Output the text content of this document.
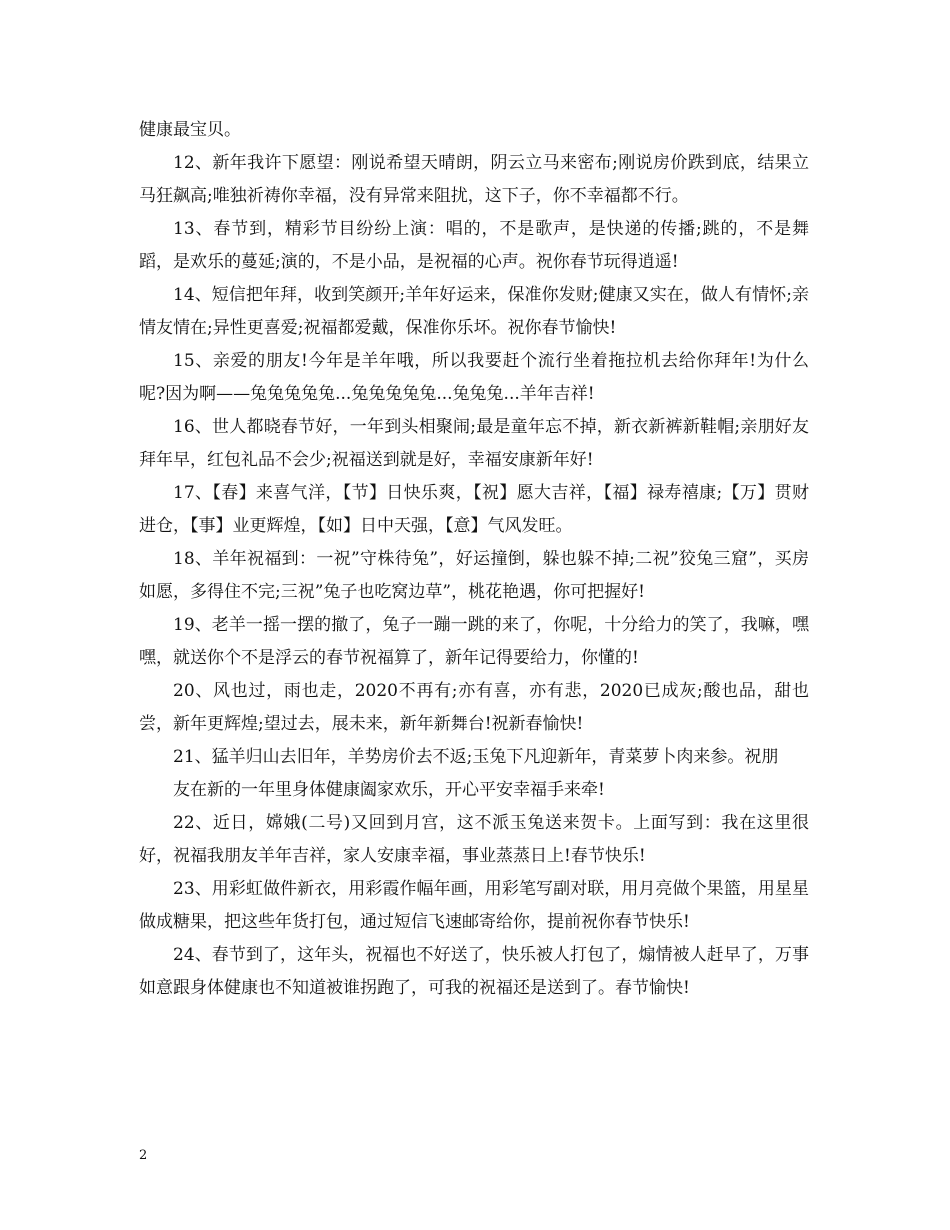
健康最宝贝。

12、新年我许下愿望：刚说希望天晴朗，阴云立马来密布;刚说房价跌到底，结果立马狂飙高;唯独祈祷你幸福，没有异常来阻扰，这下子，你不幸福都不行。

13、春节到，精彩节目纷纷上演：唱的，不是歌声，是快递的传播;跳的，不是舞蹈，是欢乐的蔓延;演的，不是小品，是祝福的心声。祝你春节玩得逍遥!

14、短信把年拜，收到笑颜开;羊年好运来，保准你发财;健康又实在，做人有情怀;亲情友情在;异性更喜爱;祝福都爱戴，保准你乐坏。祝你春节愉快!

15、亲爱的朋友!今年是羊年哦，所以我要赶个流行坐着拖拉机去给你拜年!为什么呢?因为啊——兔兔兔兔兔...兔兔兔兔兔...兔兔兔...羊年吉祥!

16、世人都晓春节好，一年到头相聚闹;最是童年忘不掉，新衣新裤新鞋帽;亲朋好友拜年早，红包礼品不会少;祝福送到就是好，幸福安康新年好!

17、【春】来喜气洋，【节】日快乐爽，【祝】愿大吉祥，【福】禄寿禧康;【万】贯财进仓，【事】业更辉煌，【如】日中天强，【意】气风发旺。

18、羊年祝福到：一祝”守株待兔”，好运撞倒，躲也躲不掉;二祝”狡兔三窟”，买房如愿，多得住不完;三祝”兔子也吃窝边草”，桃花艳遇，你可把握好!

19、老羊一摇一摆的撤了，兔子一蹦一跳的来了，你呢，十分给力的笑了，我嘛，嘿嘿，就送你个不是浮云的春节祝福算了，新年记得要给力，你懂的!

20、风也过，雨也走，2020不再有;亦有喜，亦有悲，2020已成灰;酸也品，甜也尝，新年更辉煌;望过去，展未来，新年新舞台!祝新春愉快!

21、猛羊归山去旧年，羊势房价去不返;玉兔下凡迎新年，青菜萝卜肉来参。祝朋

友在新的一年里身体健康阖家欢乐，开心平安幸福手来牵!

22、近日，嫦娥(二号)又回到月宫，这不派玉兔送来贺卡。上面写到：我在这里很好，祝福我朋友羊年吉祥，家人安康幸福，事业蒸蒸日上!春节快乐!

23、用彩虹做件新衣，用彩霞作幅年画，用彩笔写副对联，用月亮做个果篮，用星星做成糖果，把这些年货打包，通过短信飞速邮寄给你，提前祝你春节快乐!

24、春节到了，这年头，祝福也不好送了，快乐被人打包了，煽情被人赶早了，万事如意跟身体健康也不知道被谁拐跑了，可我的祝福还是送到了。春节愉快!

2
